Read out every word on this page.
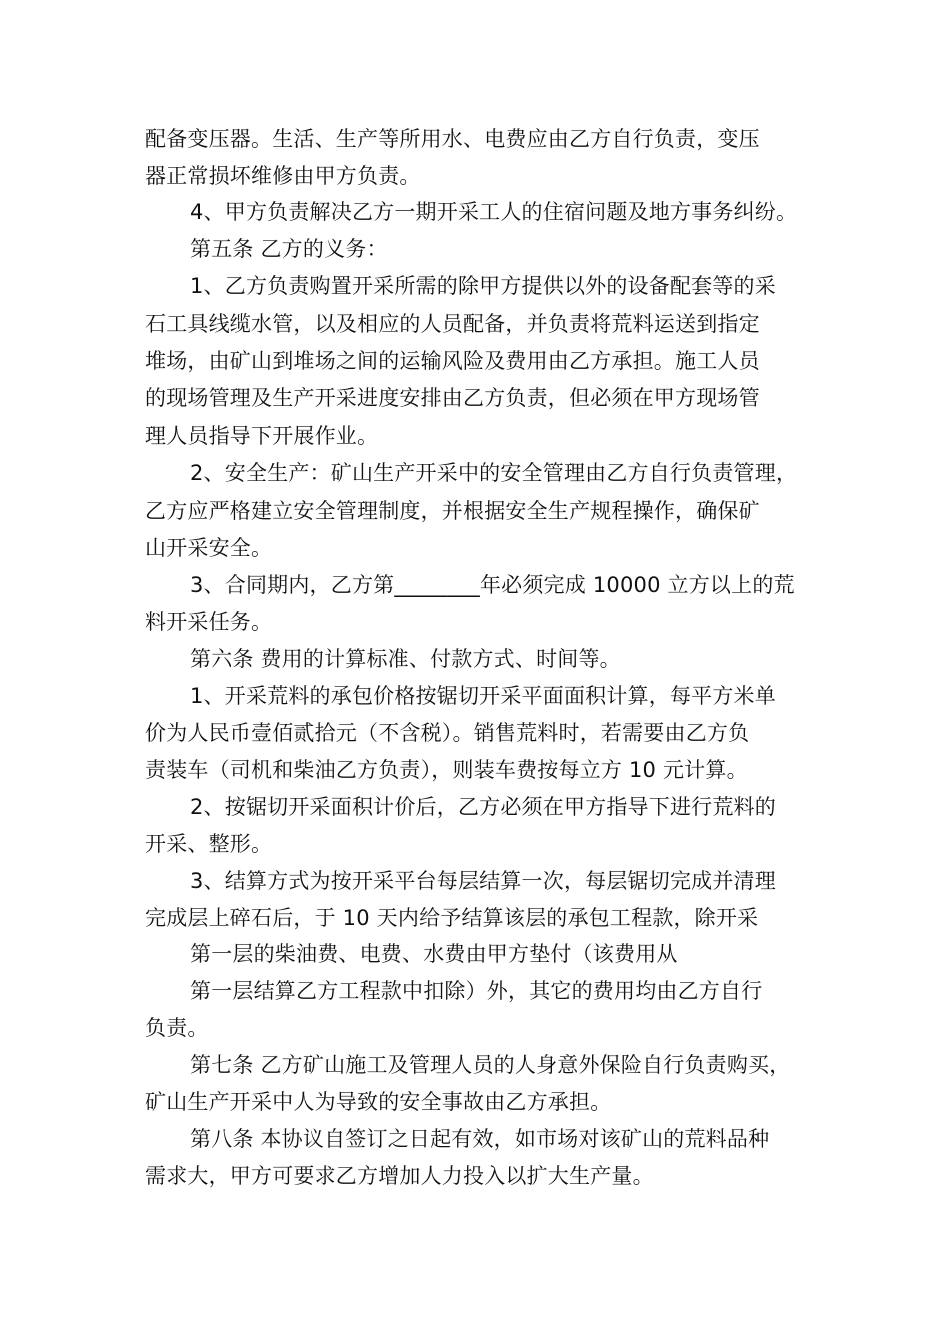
配备变压器。生活、生产等所用水、电费应由乙方自行负责，变压
器正常损坏维修由甲方负责。
4、甲方负责解决乙方一期开采工人的住宿问题及地方事务纠纷。
第五条 乙方的义务：
1、乙方负责购置开采所需的除甲方提供以外的设备配套等的采
石工具线缆水管，以及相应的人员配备，并负责将荒料运送到指定
堆场，由矿山到堆场之间的运输风险及费用由乙方承担。施工人员
的现场管理及生产开采进度安排由乙方负责，但必须在甲方现场管
理人员指导下开展作业。
2、安全生产：矿山生产开采中的安全管理由乙方自行负责管理，
乙方应严格建立安全管理制度，并根据安全生产规程操作，确保矿
山开采安全。
3、合同期内，乙方第________年必须完成 10000 立方以上的荒
料开采任务。
第六条 费用的计算标准、付款方式、时间等。
1、开采荒料的承包价格按锯切开采平面面积计算，每平方米单
价为人民币壹佰贰拾元（不含税）。销售荒料时，若需要由乙方负
责装车（司机和柴油乙方负责），则装车费按每立方 10 元计算。
2、按锯切开采面积计价后，乙方必须在甲方指导下进行荒料的
开采、整形。
3、结算方式为按开采平台每层结算一次，每层锯切完成并清理
完成层上碎石后，于 10 天内给予结算该层的承包工程款，除开采
第一层的柴油费、电费、水费由甲方垫付（该费用从
第一层结算乙方工程款中扣除）外，其它的费用均由乙方自行
负责。
第七条 乙方矿山施工及管理人员的人身意外保险自行负责购买，
矿山生产开采中人为导致的安全事故由乙方承担。
第八条 本协议自签订之日起有效，如市场对该矿山的荒料品种
需求大，甲方可要求乙方增加人力投入以扩大生产量。
